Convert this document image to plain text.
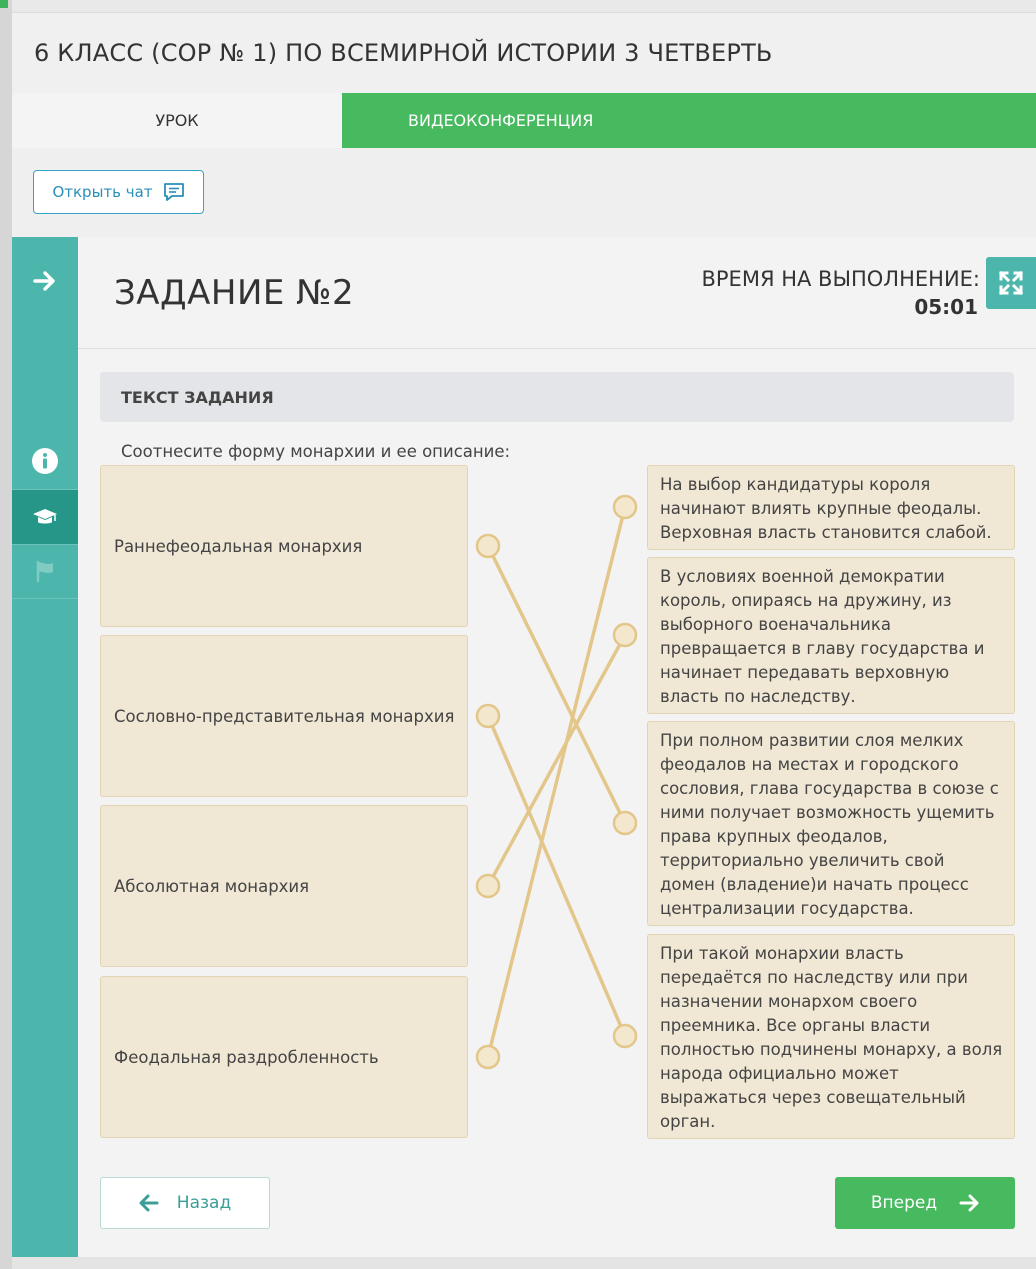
6 КЛАСС (СОР № 1) ПО ВСЕМИРНОЙ ИСТОРИИ 3 ЧЕТВЕРТЬ
УРОК	ВИДЕОКОНФЕРЕНЦИЯ
Открыть чат
ЗАДАНИЕ №2	ВРЕМЯ НА ВЫПОЛНЕНИЕ:
05:01
ТЕКСТ ЗАДАНИЯ
Соотнесите форму монархии и ее описание:
Раннефеодальная монархия
Сословно-представительная монархия
Абсолютная монархия
Феодальная раздробленность
На выбор кандидатуры короля начинают влиять крупные феодалы. Верховная власть становится слабой.
В условиях военной демократии король, опираясь на дружину, из выборного военачальника превращается в главу государства и начинает передавать верховную власть по наследству.
При полном развитии слоя мелких феодалов на местах и городского сословия, глава государства в союзе с ними получает возможность ущемить права крупных феодалов, территориально увеличить свой домен (владение)и начать процесс централизации государства.
При такой монархии власть передаётся по наследству или при назначении монархом своего преемника. Все органы власти полностью подчинены монарху, а воля народа официально может выражаться через совещательный орган.
Назад	Вперед
